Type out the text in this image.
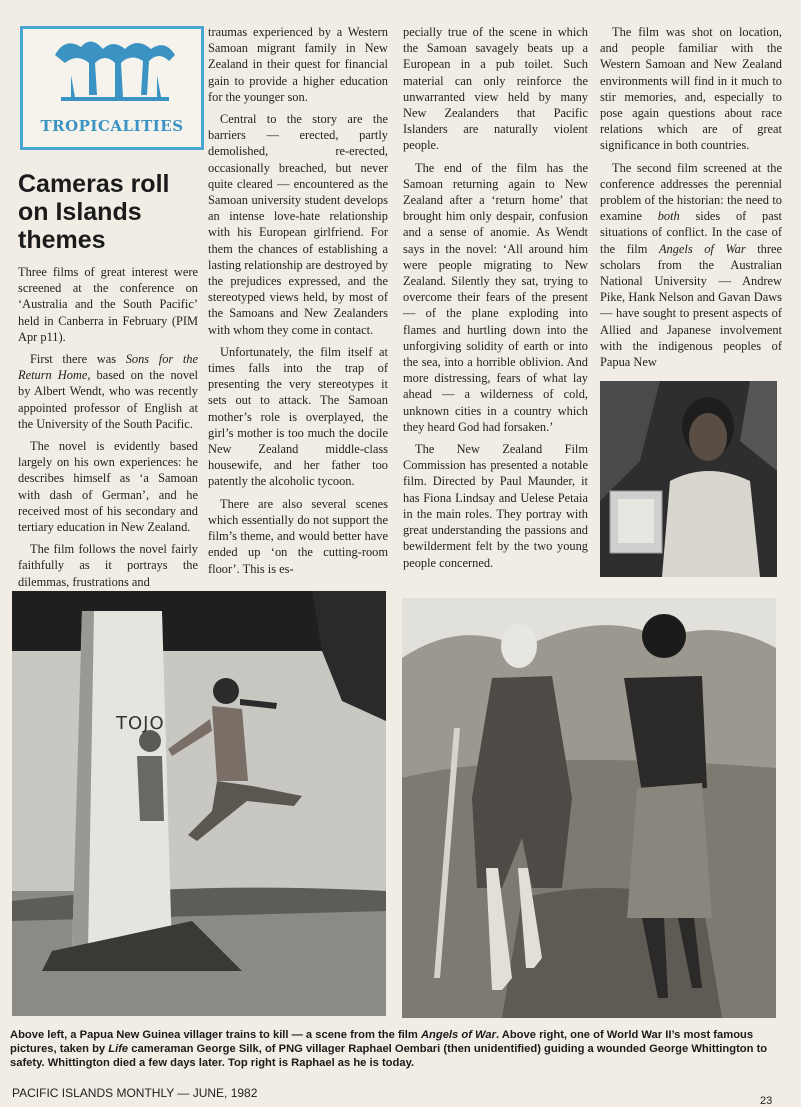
TROPICALITIES
Cameras roll on Islands themes

Three films of great interest were screened at the conference on ‘Australia and the South Pacific’ held in Canberra in February (PIM Apr p11).

First there was Sons for the Return Home, based on the novel by Albert Wendt, who was recently appointed professor of English at the University of the South Pacific.

The novel is evidently based largely on his own experiences: he describes himself as ‘a Samoan with dash of German’, and he received most of his secondary and tertiary education in New Zealand.

The film follows the novel fairly faithfully as it portrays the dilemmas, frustrations and

traumas experienced by a Western Samoan migrant family in New Zealand in their quest for financial gain to provide a higher education for the younger son.

Central to the story are the barriers — erected, partly demolished, re-erected, occasionally breached, but never quite cleared — encountered as the Samoan university student develops an intense love-hate relationship with his European girlfriend. For them the chances of establishing a lasting relationship are destroyed by the prejudices expressed, and the stereotyped views held, by most of the Samoans and New Zealanders with whom they come in contact.

Unfortunately, the film itself at times falls into the trap of presenting the very stereotypes it sets out to attack. The Samoan mother’s role is overplayed, the girl’s mother is too much the docile New Zealand middle-class housewife, and her father too patently the alcoholic tycoon.

There are also several scenes which essentially do not support the film’s theme, and would better have ended up ‘on the cutting-room floor’. This is es-

pecially true of the scene in which the Samoan savagely beats up a European in a pub toilet. Such material can only reinforce the unwarranted view held by many New Zealanders that Pacific Islanders are naturally violent people.

The end of the film has the Samoan returning again to New Zealand after a ‘return home’ that brought him only despair, confusion and a sense of anomie. As Wendt says in the novel: ‘All around him were people migrating to New Zealand. Silently they sat, trying to overcome their fears of the present — of the plane exploding into flames and hurtling down into the unforgiving solidity of earth or into the sea, into a horrible oblivion. And more distressing, fears of what lay ahead — a wilderness of cold, unknown cities in a country which they heard God had forsaken.’

The New Zealand Film Commission has presented a notable film. Directed by Paul Maunder, it has Fiona Lindsay and Uelese Petaia in the main roles. They portray with great understanding the passions and bewilderment felt by the two young people concerned.

The film was shot on location, and people familiar with the Western Samoan and New Zealand environments will find in it much to stir memories, and, especially to pose again questions about race relations which are of great significance in both countries.

The second film screened at the conference addresses the perennial problem of the historian: the need to examine both sides of past situations of conflict. In the case of the film Angels of War three scholars from the Australian National University — Andrew Pike, Hank Nelson and Gavan Daws — have sought to present aspects of Allied and Japanese involvement with the indigenous peoples of Papua New

TOJO
Above left, a Papua New Guinea villager trains to kill — a scene from the film Angels of War. Above right, one of World War II’s most famous pictures, taken by Life cameraman George Silk, of PNG villager Raphael Oembari (then unidentified) guiding a wounded George Whittington to safety. Whittington died a few days later. Top right is Raphael as he is today.
PACIFIC ISLANDS MONTHLY — JUNE, 1982
23
